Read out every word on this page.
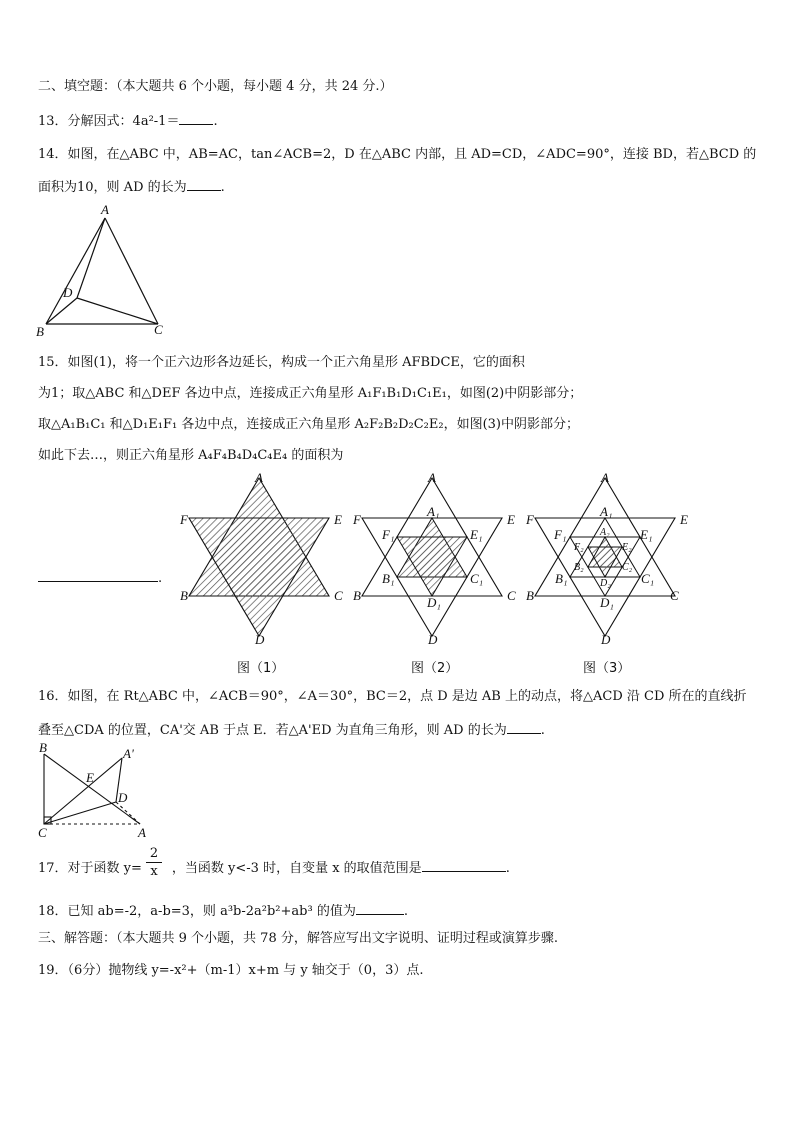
二、填空题：（本大题共 6 个小题，每小题 4 分，共 24 分.）
13．分解因式：4a²-1＝	.
14．如图，在△ABC 中，AB=AC，tan∠ACB=2，D 在△ABC 内部，且 AD=CD，∠ADC=90°，连接 BD，若△BCD 的
面积为10，则 AD 的长为	.
A
D
B	C
15．如图(1)，将一个正六边形各边延长，构成一个正六角星形 AFBDCE，它的面积
为1；取△ABC 和△DEF 各边中点，连接成正六角星形 A₁F₁B₁D₁C₁E₁，如图(2)中阴影部分；
取△A₁B₁C₁ 和△D₁E₁F₁ 各边中点，连接成正六角星形 A₂F₂B₂D₂C₂E₂，如图(3)中阴影部分；
如此下去…，则正六角星形 A₄F₄B₄D₄C₄E₄ 的面积为
.
A
F	E
B	C
D
A
F	E
B	C
D
A₁
F₁	E₁
B₁	C₁
D₁
A
F	E
B	C
D
A₁
F₁	E₁
B₁	C₁
D₁
A₂
F₂	E₂
B₂	C₂
D₂
图（1）	图（2）	图（3）
16．如图，在 Rt△ABC 中，∠ACB＝90°，∠A＝30°，BC＝2，点 D 是边 AB 上的动点，将△ACD 沿 CD 所在的直线折
叠至△CDA 的位置，CA'交 AB 于点 E．若△A'ED 为直角三角形，则 AD 的长为	.
B	A'
E
D
C	A
17．对于函数 y= ，当函数 y<-3 时，自变量 x 的取值范围是	.
2
x
18．已知 ab=-2，a-b=3，则 a³b-2a²b²+ab³ 的值为	.
三、解答题：（本大题共 9 个小题，共 78 分，解答应写出文字说明、证明过程或演算步骤.
19．（6分）抛物线 y=-x²+（m-1）x+m 与 y 轴交于（0，3）点.
